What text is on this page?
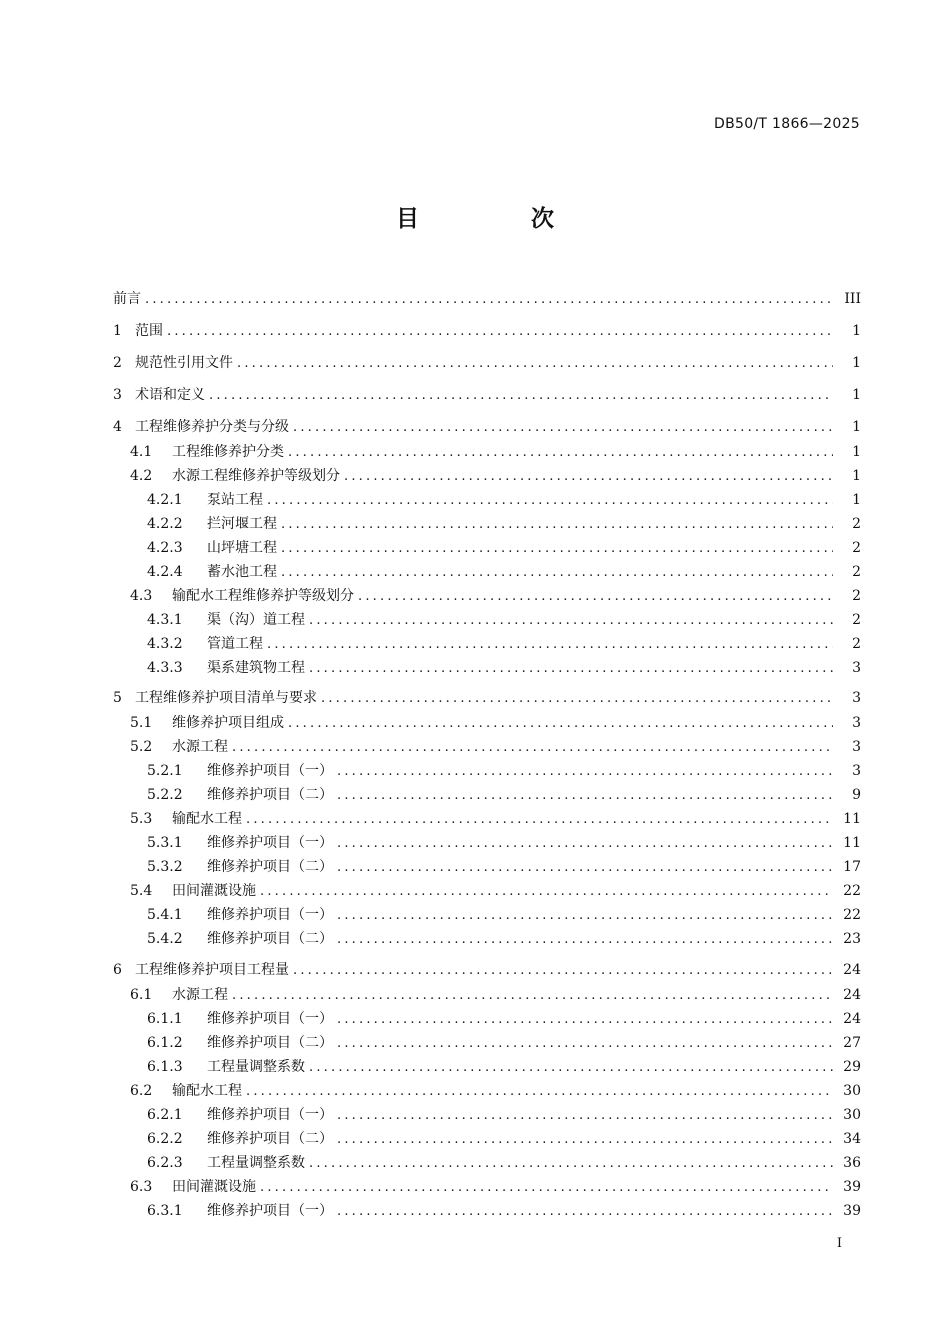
DB50/T 1866—2025
目 次
前言 .....	III
1 范围 .....	1
2 规范性引用文件 .....	1
3 术语和定义 .....	1
4 工程维修养护分类与分级 .....	1
4.1	工程维修养护分类 .....	1
4.2	水源工程维修养护等级划分 .....	1
4.2.1	泵站工程 .....	1
4.2.2	拦河堰工程 .....	2
4.2.3	山坪塘工程 .....	2
4.2.4	蓄水池工程 .....	2
4.3	输配水工程维修养护等级划分 .....	2
4.3.1	渠（沟）道工程 .....	2
4.3.2	管道工程 .....	2
4.3.3	渠系建筑物工程 .....	3
5 工程维修养护项目清单与要求 .....	3
5.1	维修养护项目组成 .....	3
5.2	水源工程 .....	3
5.2.1	维修养护项目（一） .....	3
5.2.2	维修养护项目（二） .....	9
5.3	输配水工程 .....	11
5.3.1	维修养护项目（一） .....	11
5.3.2	维修养护项目（二） .....	17
5.4	田间灌溉设施 .....	22
5.4.1	维修养护项目（一） .....	22
5.4.2	维修养护项目（二） .....	23
6 工程维修养护项目工程量 .....	24
6.1	水源工程 .....	24
6.1.1	维修养护项目（一） .....	24
6.1.2	维修养护项目（二） .....	27
6.1.3	工程量调整系数 .....	29
6.2	输配水工程 .....	30
6.2.1	维修养护项目（一） .....	30
6.2.2	维修养护项目（二） .....	34
6.2.3	工程量调整系数 .....	36
6.3	田间灌溉设施 .....	39
6.3.1	维修养护项目（一） .....	39
I
